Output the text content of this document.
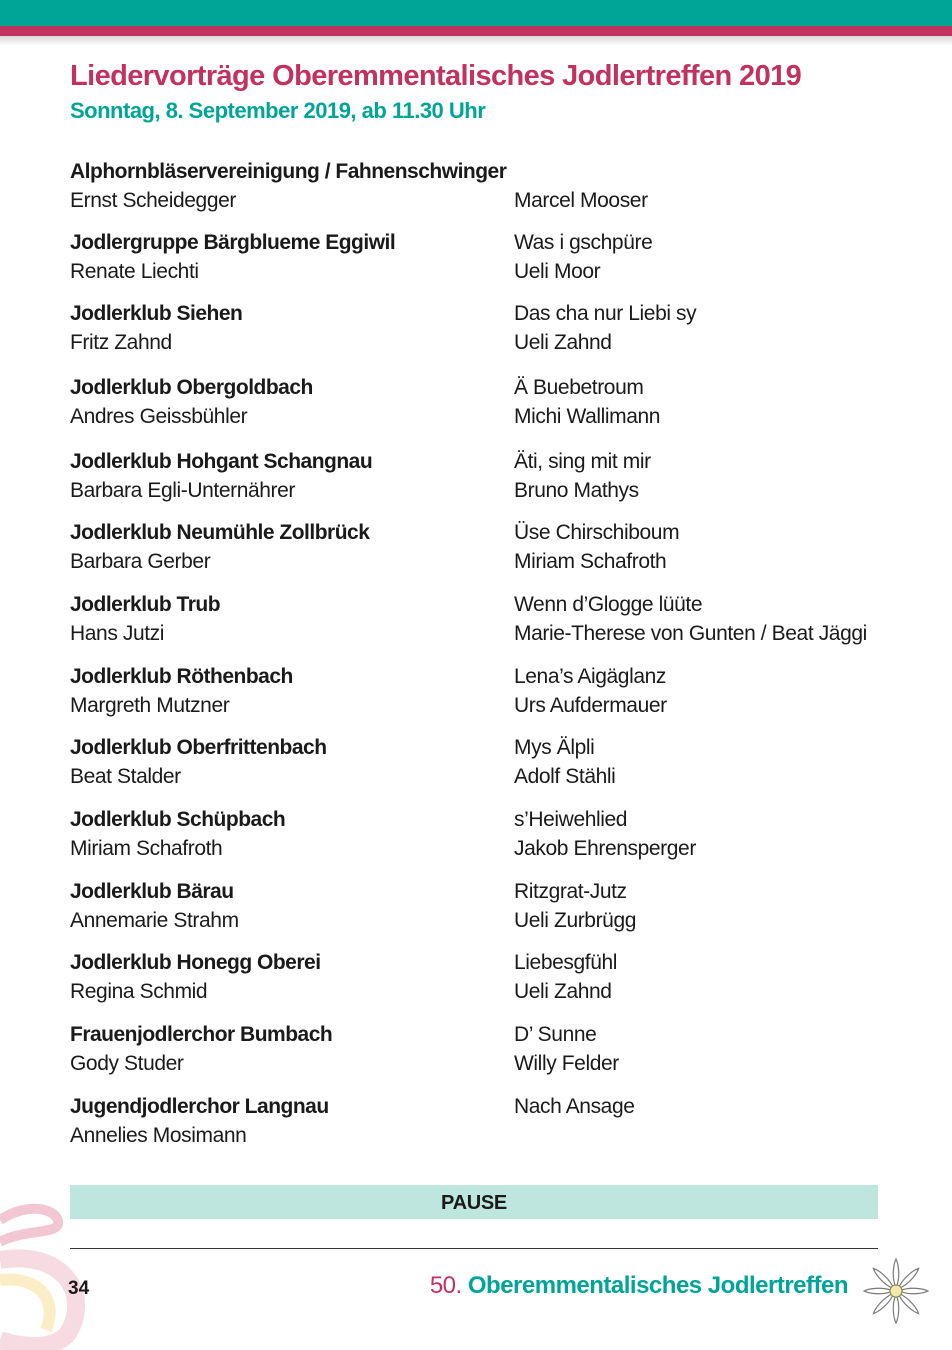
Liedervorträge Oberemmentalisches Jodlertreffen 2019
Sonntag, 8. September 2019, ab 11.30 Uhr
Alphornbläservereinigung / Fahnenschwinger
Ernst Scheidegger	Marcel Mooser
Jodlergruppe Bärgblueme Eggiwil
Renate Liechti
Was i gschpüre
Ueli Moor
Jodlerklub Siehen
Fritz Zahnd
Das cha nur Liebi sy
Ueli Zahnd
Jodlerklub Obergoldbach
Andres Geissbühler
Ä Buebetroum
Michi Wallimann
Jodlerklub Hohgant Schangnau
Barbara Egli-Unternährer
Äti, sing mit mir
Bruno Mathys
Jodlerklub Neumühle Zollbrück
Barbara Gerber
Üse Chirschiboum
Miriam Schafroth
Jodlerklub Trub
Hans Jutzi
Wenn d’Glogge lüüte
Marie-Therese von Gunten / Beat Jäggi
Jodlerklub Röthenbach
Margreth Mutzner
Lena’s Aigäglanz
Urs Aufdermauer
Jodlerklub Oberfrittenbach
Beat Stalder
Mys Älpli
Adolf Stähli
Jodlerklub Schüpbach
Miriam Schafroth
s’Heiwehlied
Jakob Ehrensperger
Jodlerklub Bärau
Annemarie Strahm
Ritzgrat-Jutz
Ueli Zurbrügg
Jodlerklub Honegg Oberei
Regina Schmid
Liebesgfühl
Ueli Zahnd
Frauenjodlerchor Bumbach
Gody Studer
D’ Sunne
Willy Felder
Jugendjodlerchor Langnau
Annelies Mosimann
Nach Ansage
PAUSE
34	50. Oberemmentalisches Jodlertreffen
